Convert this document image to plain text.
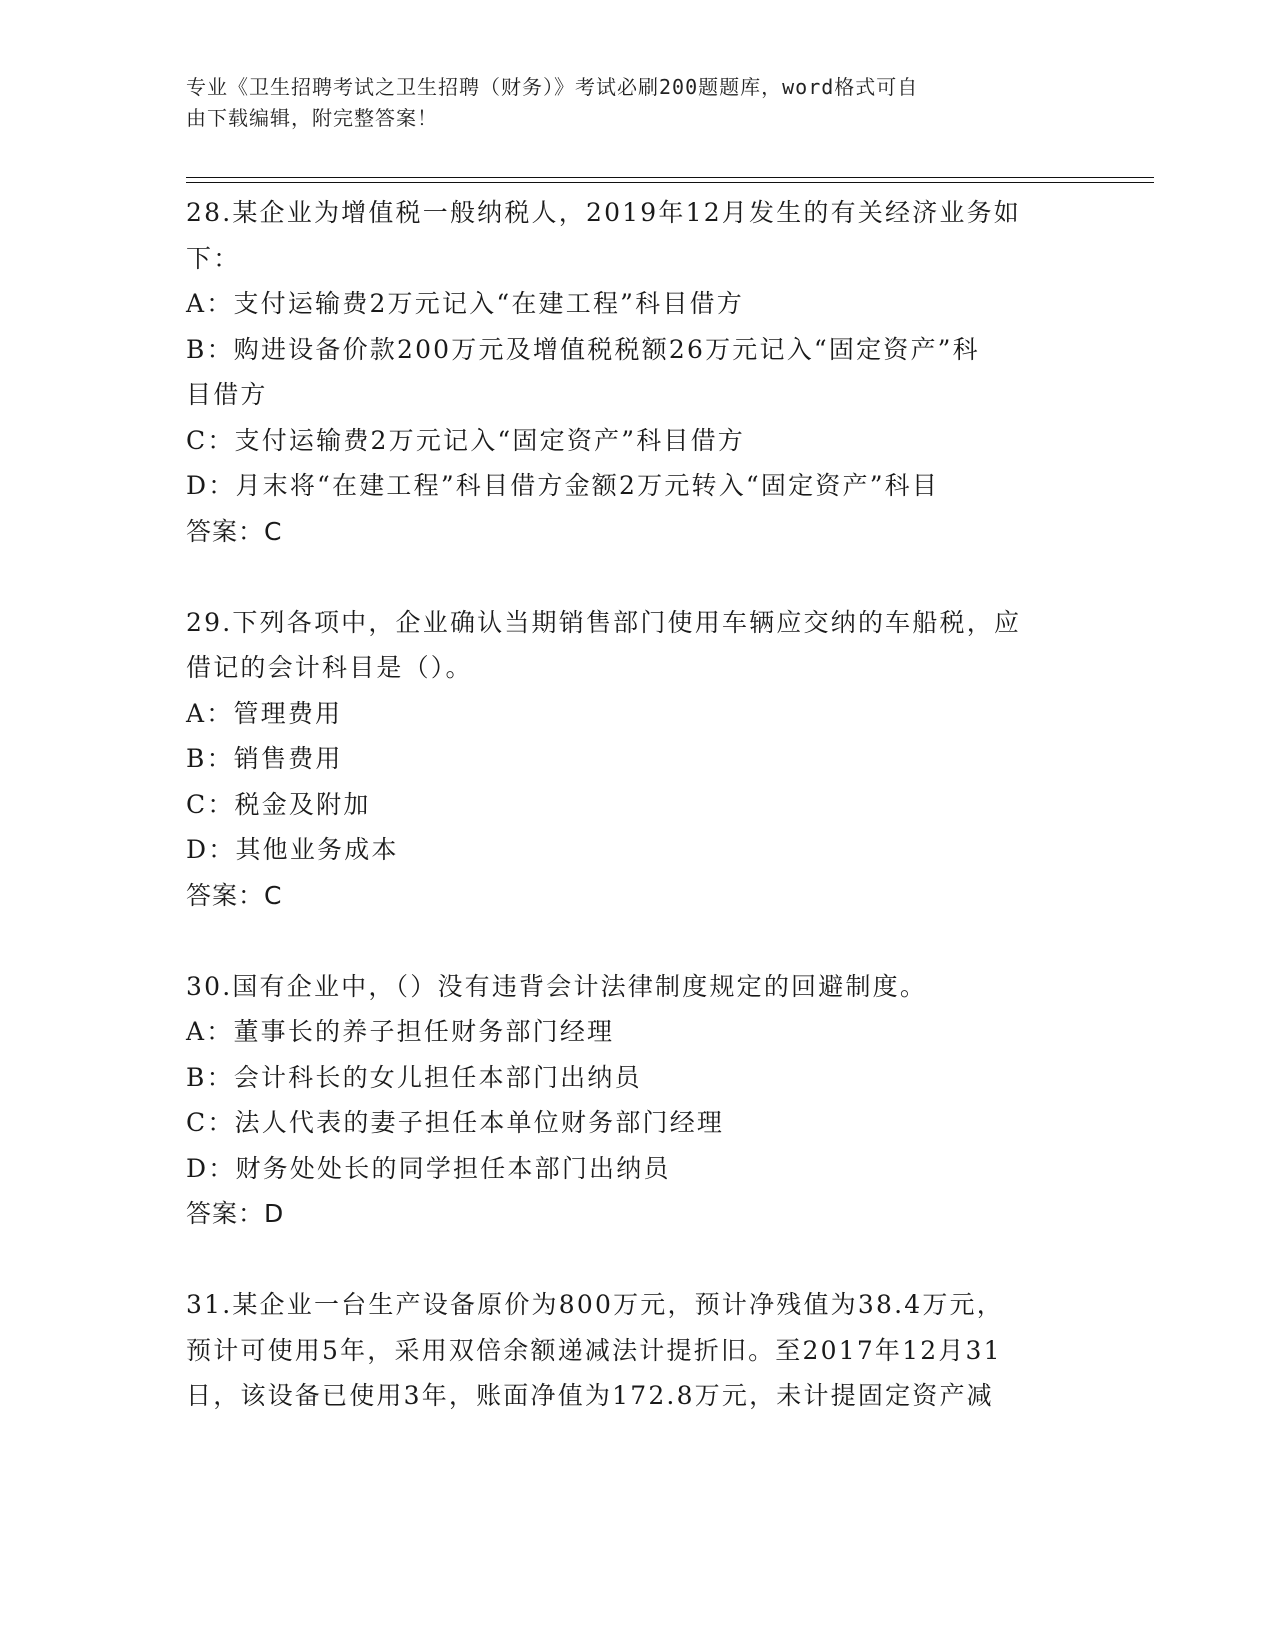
专业《卫生招聘考试之卫生招聘（财务）》考试必刷200题题库，word格式可自
由下载编辑，附完整答案！
28.某企业为增值税一般纳税人，2019年12月发生的有关经济业务如
下：
A：支付运输费2万元记入“在建工程”科目借方
B：购进设备价款200万元及增值税税额26万元记入“固定资产”科
目借方
C：支付运输费2万元记入“固定资产”科目借方
D：月末将“在建工程”科目借方金额2万元转入“固定资产”科目
答案：C
29.下列各项中，企业确认当期销售部门使用车辆应交纳的车船税，应
借记的会计科目是（）。
A：管理费用
B：销售费用
C：税金及附加
D：其他业务成本
答案：C
30.国有企业中，（）没有违背会计法律制度规定的回避制度。
A：董事长的养子担任财务部门经理
B：会计科长的女儿担任本部门出纳员
C：法人代表的妻子担任本单位财务部门经理
D：财务处处长的同学担任本部门出纳员
答案：D
31.某企业一台生产设备原价为800万元，预计净残值为38.4万元，
预计可使用5年，采用双倍余额递减法计提折旧。至2017年12月31
日，该设备已使用3年，账面净值为172.8万元，未计提固定资产减
